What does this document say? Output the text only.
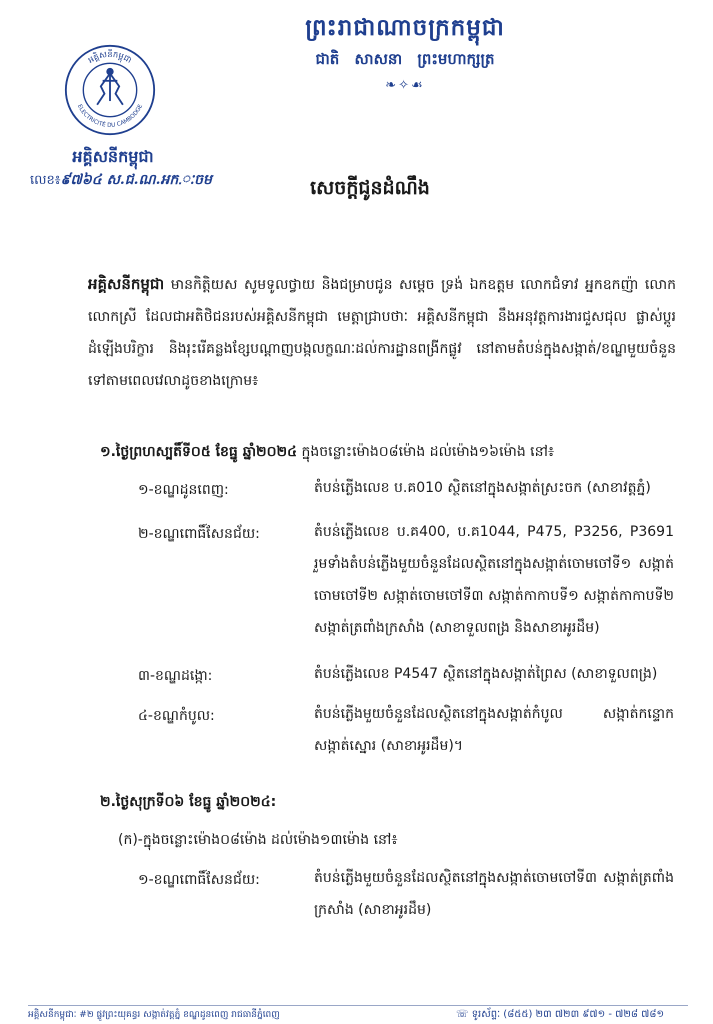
ព្រះរាជាណាចក្រកម្ពុជា
ជាតិ សាសនា ព្រះមហាក្សត្រ
❧✧☙
អគ្គិសនីកម្ពុជា
ELECTRICITÉ DU CAMBODGE
អគ្គិសនីកម្ពុជា
លេខ៖៩៧៦៤ ស.ជ.ណ.អក.ៈចម	សេចក្តីជូនដំណឹង
អគ្គិសនីកម្ពុជា មានកិត្តិយស សូមទូលថ្វាយ និងជម្រាបជូន សម្តេច ទ្រង់ ឯកឧត្តម លោកជំទាវ អ្នកឧកញ៉ា លោក លោកស្រី ដែលជាអតិថិជនរបស់អគ្គិសនីកម្ពុជា មេត្តាជ្រាបថាៈ អគ្គិសនីកម្ពុជា នឹងអនុវត្តការងារជួសជុល ផ្លាស់ប្តូរដំឡើងបរិក្ខារ និងរុះរើគន្លងខ្សែបណ្តាញបង្កលក្ខណៈដល់ការដ្ឋានពង្រីកផ្លូវ នៅតាមតំបន់ក្នុងសង្កាត់/ខណ្ឌមួយចំនួនទៅតាមពេលវេលាដូចខាងក្រោម៖
១.ថ្ងៃព្រហស្បតិ៍ទី០៥ ខែធ្នូ ឆ្នាំ២០២៤ ក្នុងចន្លោះម៉ោង០៨ម៉ោង ដល់ម៉ោង១៦ម៉ោង នៅ៖
១-ខណ្ឌដូនពេញ:	តំបន់ភ្លើងលេខ ប.គ010 ស្ថិតនៅក្នុងសង្កាត់ស្រះចក (សាខាវត្តភ្នំ)
២-ខណ្ឌពោធិ៍សែនជ័យ:	តំបន់ភ្លើងលេខ ប.គ400, ប.គ1044, P475, P3256, P3691 រួមទាំងតំបន់ភ្លើងមួយចំនួនដែលស្ថិតនៅក្នុងសង្កាត់ចោមចៅទី១ សង្កាត់ចោមចៅទី២ សង្កាត់ចោមចៅទី៣ សង្កាត់កាកាបទី១ សង្កាត់កាកាបទី២ សង្កាត់ត្រពាំងក្រសាំង (សាខាទួលពង្រ និងសាខាអូរដឹម)
៣-ខណ្ឌដង្កោ:	តំបន់ភ្លើងលេខ P4547 ស្ថិតនៅក្នុងសង្កាត់ព្រៃស (សាខាទួលពង្រ)
៤-ខណ្ឌកំបូល:	តំបន់ភ្លើងមួយចំនួនដែលស្ថិតនៅក្នុងសង្កាត់កំបូល សង្កាត់កន្ទោក សង្កាត់ស្នោរ (សាខាអូរដឹម)។
២.ថ្ងៃសុក្រទី០៦ ខែធ្នូ ឆ្នាំ២០២៤:
(ក)-ក្នុងចន្លោះម៉ោង០៨ម៉ោង ដល់ម៉ោង១៣ម៉ោង នៅ៖
១-ខណ្ឌពោធិ៍សែនជ័យ:	តំបន់ភ្លើងមួយចំនួនដែលស្ថិតនៅក្នុងសង្កាត់ចោមចៅទី៣ សង្កាត់ត្រពាំងក្រសាំង (សាខាអូរដឹម)
អគ្គិសនីកម្ពុជាៈ #២ ផ្លូវព្រះយុគន្ធរ សង្កាត់វត្តភ្នំ ខណ្ឌដូនពេញ រាជធានីភ្នំពេញ	☏ ទូរស័ព្ទៈ (៨៥៥) ២៣ ៧២៣ ៩៧១ - ៧២៨ ៧៨១
